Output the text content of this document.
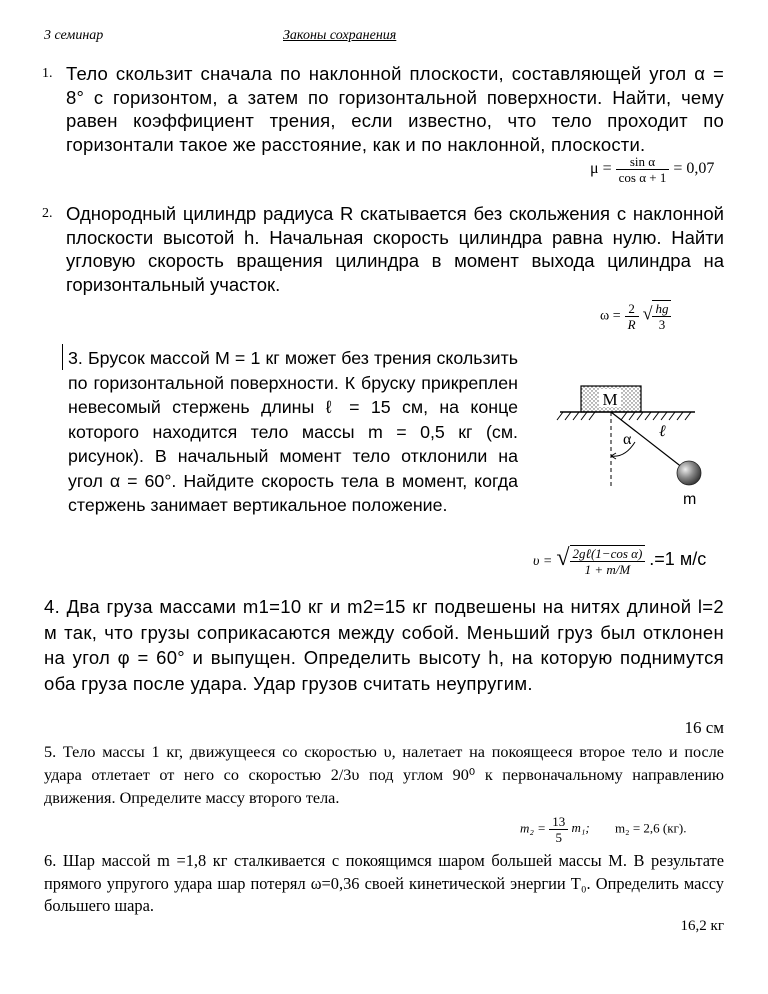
3 семинар	Законы сохранения
1. Тело скользит сначала по наклонной плоскости, составляющей угол α = 8° с горизонтом, а затем по горизонтальной поверхности. Найти, чему равен коэффициент трения, если известно, что тело проходит по горизонтали такое же расстояние, как и по наклонной, плоскости.
$\mu = \frac{\text{sin α}}{\text{cos α + 1}} = 0,07$
2. Однородный цилиндр радиуса R скатывается без скольжения с наклонной плоскости высотой h. Начальная скорость цилиндра равна нулю. Найти угловую скорость вращения цилиндра в момент выхода цилиндра на горизонтальный участок.
$\omega = \frac{2}{R}$ √ $\frac{hg}{3}$
3. Брусок массой М = 1 кг может без трения скользить по горизонтальной поверхности. К бруску прикреплен невесомый стержень длины ℓ = 15 см, на конце которого находится тело массы m = 0,5 кг (см. рисунок). В начальный момент тело отклонили на угол α = 60°. Найдите скорость тела в момент, когда стержень занимает вертикальное положение.
M
α ℓ
m
υ = √ $\frac{\text{2gℓ(1−cos α)}}{1 + m/M} .=1$ м/с
4. Два груза массами m1=10 кг и m2=15 кг подвешены на нитях длиной l=2 м так, что грузы соприкасаются между собой. Меньший груз был отклонен на угол φ = 60° и выпущен. Определить высоту h, на которую поднимутся оба груза после удара. Удар грузов считать неупругим.
16 см
5. Тело массы 1 кг, движущееся со скоростью υ, налетает на покоящееся второе тело и после удара отлетает от него со скоростью 2/3υ под углом 90⁰ к первоначальному направлению движения. Определите массу второго тела.
$m_2 = \frac{13}{5} m_1$; m₂ = 2,6 (кг).
6. Шар массой m =1,8 кг сталкивается с покоящимся шаром большей массы M. В результате прямого упругого удара шар потерял ω=0,36 своей кинетической энергии T₀. Определить массу большего шара.
16,2 кг
